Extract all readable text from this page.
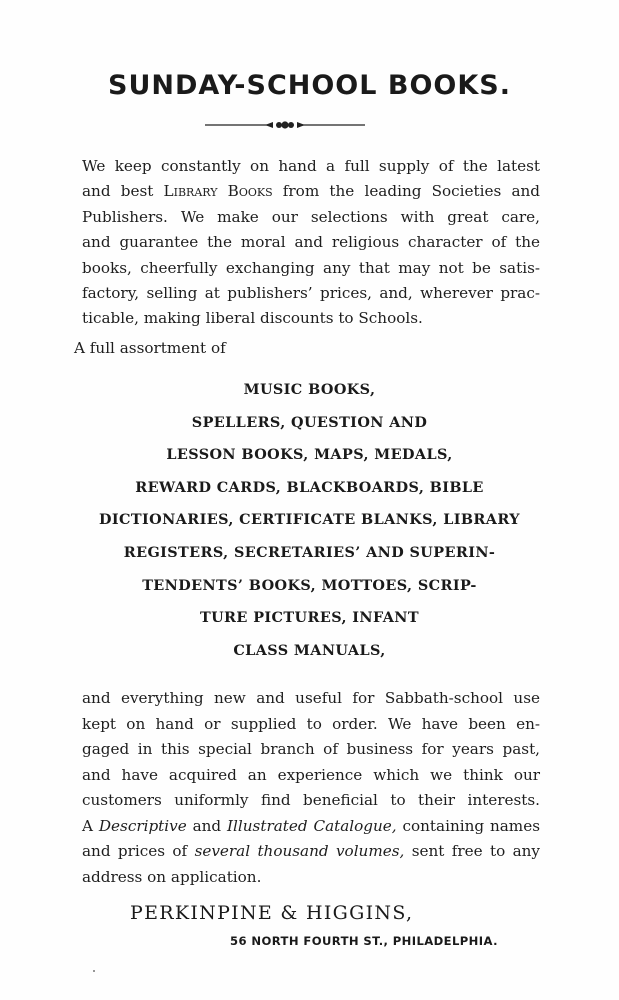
SUNDAY-SCHOOL BOOKS.
We keep constantly on hand a full supply of the latest
and best Library Books from the leading Societies and
Publishers. We make our selections with great care,
and guarantee the moral and religious character of the
books, cheerfully exchanging any that may not be satis-
factory, selling at publishers’ prices, and, wherever prac-
ticable, making liberal discounts to Schools.
A full assortment of
MUSIC BOOKS,
SPELLERS, QUESTION AND
LESSON BOOKS, MAPS, MEDALS,
REWARD CARDS, BLACKBOARDS, BIBLE
DICTIONARIES, CERTIFICATE BLANKS, LIBRARY
REGISTERS, SECRETARIES’ AND SUPERIN-
TENDENTS’ BOOKS, MOTTOES, SCRIP-
TURE PICTURES, INFANT
CLASS MANUALS,
and everything new and useful for Sabbath-school use
kept on hand or supplied to order. We have been en-
gaged in this special branch of business for years past,
and have acquired an experience which we think our
customers uniformly find beneficial to their interests.
A Descriptive and Illustrated Catalogue, containing names
and prices of several thousand volumes, sent free to any
address on application.
PERKINPINE & HIGGINS,
56 NORTH FOURTH ST., PHILADELPHIA.
